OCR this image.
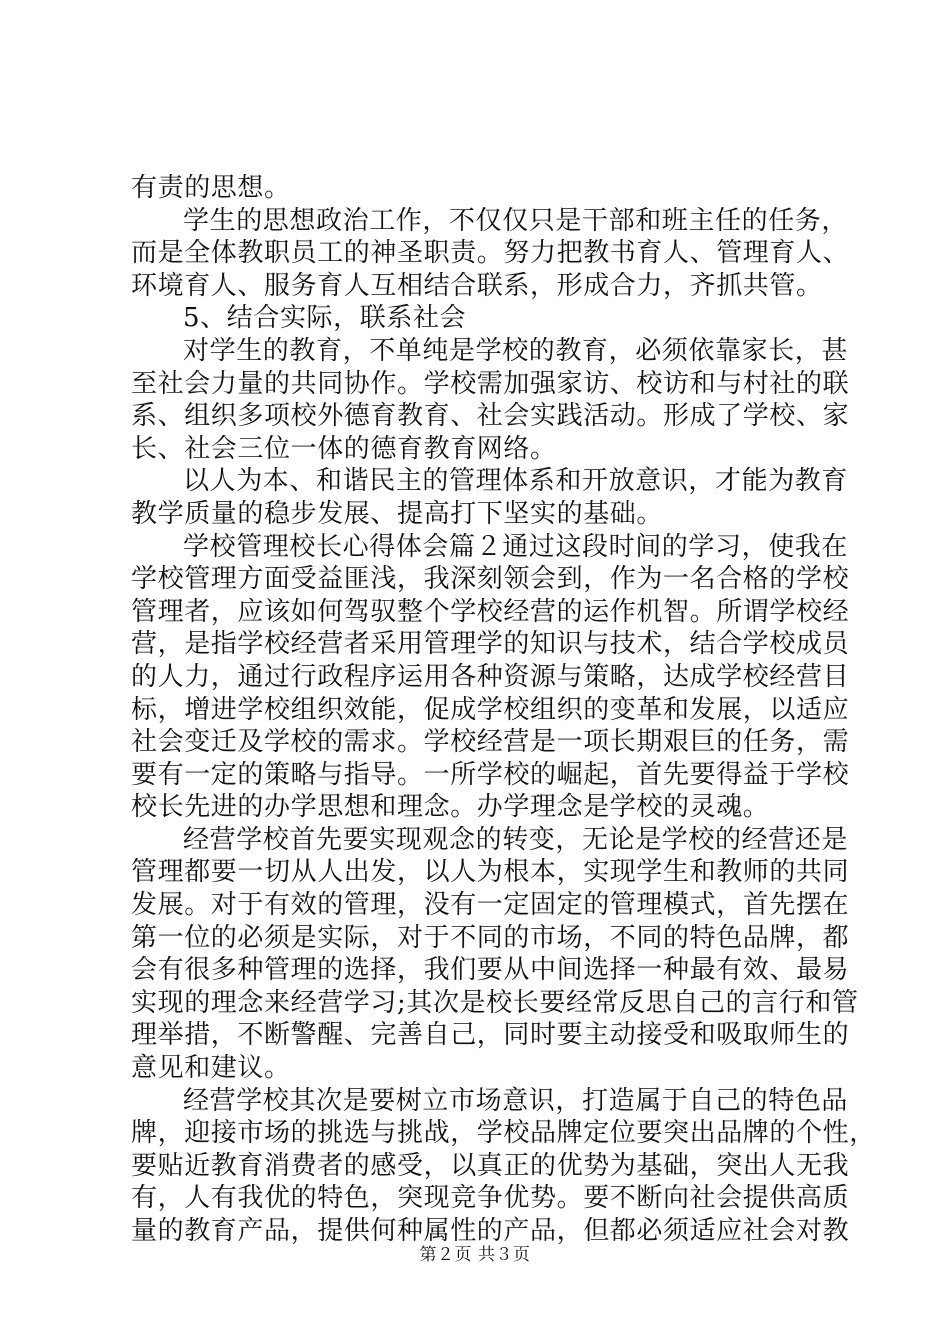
有责的思想。
学生的思想政治工作，不仅仅只是干部和班主任的任务，
而是全体教职员工的神圣职责。努力把教书育人、管理育人、
环境育人、服务育人互相结合联系，形成合力，齐抓共管。
5、结合实际，联系社会
对学生的教育，不单纯是学校的教育，必须依靠家长，甚
至社会力量的共同协作。学校需加强家访、校访和与村社的联
系、组织多项校外德育教育、社会实践活动。形成了学校、家
长、社会三位一体的德育教育网络。
以人为本、和谐民主的管理体系和开放意识，才能为教育
教学质量的稳步发展、提高打下坚实的基础。
学校管理校长心得体会篇２通过这段时间的学习，使我在
学校管理方面受益匪浅，我深刻领会到，作为一名合格的学校
管理者，应该如何驾驭整个学校经营的运作机智。所谓学校经
营，是指学校经营者采用管理学的知识与技术，结合学校成员
的人力，通过行政程序运用各种资源与策略，达成学校经营目
标，增进学校组织效能，促成学校组织的变革和发展，以适应
社会变迁及学校的需求。学校经营是一项长期艰巨的任务，需
要有一定的策略与指导。一所学校的崛起，首先要得益于学校
校长先进的办学思想和理念。办学理念是学校的灵魂。
经营学校首先要实现观念的转变，无论是学校的经营还是
管理都要一切从人出发，以人为根本，实现学生和教师的共同
发展。对于有效的管理，没有一定固定的管理模式，首先摆在
第一位的必须是实际，对于不同的市场，不同的特色品牌，都
会有很多种管理的选择，我们要从中间选择一种最有效、最易
实现的理念来经营学习;其次是校长要经常反思自己的言行和管
理举措，不断警醒、完善自己，同时要主动接受和吸取师生的
意见和建议。
经营学校其次是要树立市场意识，打造属于自己的特色品
牌，迎接市场的挑选与挑战，学校品牌定位要突出品牌的个性，
要贴近教育消费者的感受，以真正的优势为基础，突出人无我
有，人有我优的特色，突现竞争优势。要不断向社会提供高质
量的教育产品，提供何种属性的产品，但都必须适应社会对教
第２页 共３页
